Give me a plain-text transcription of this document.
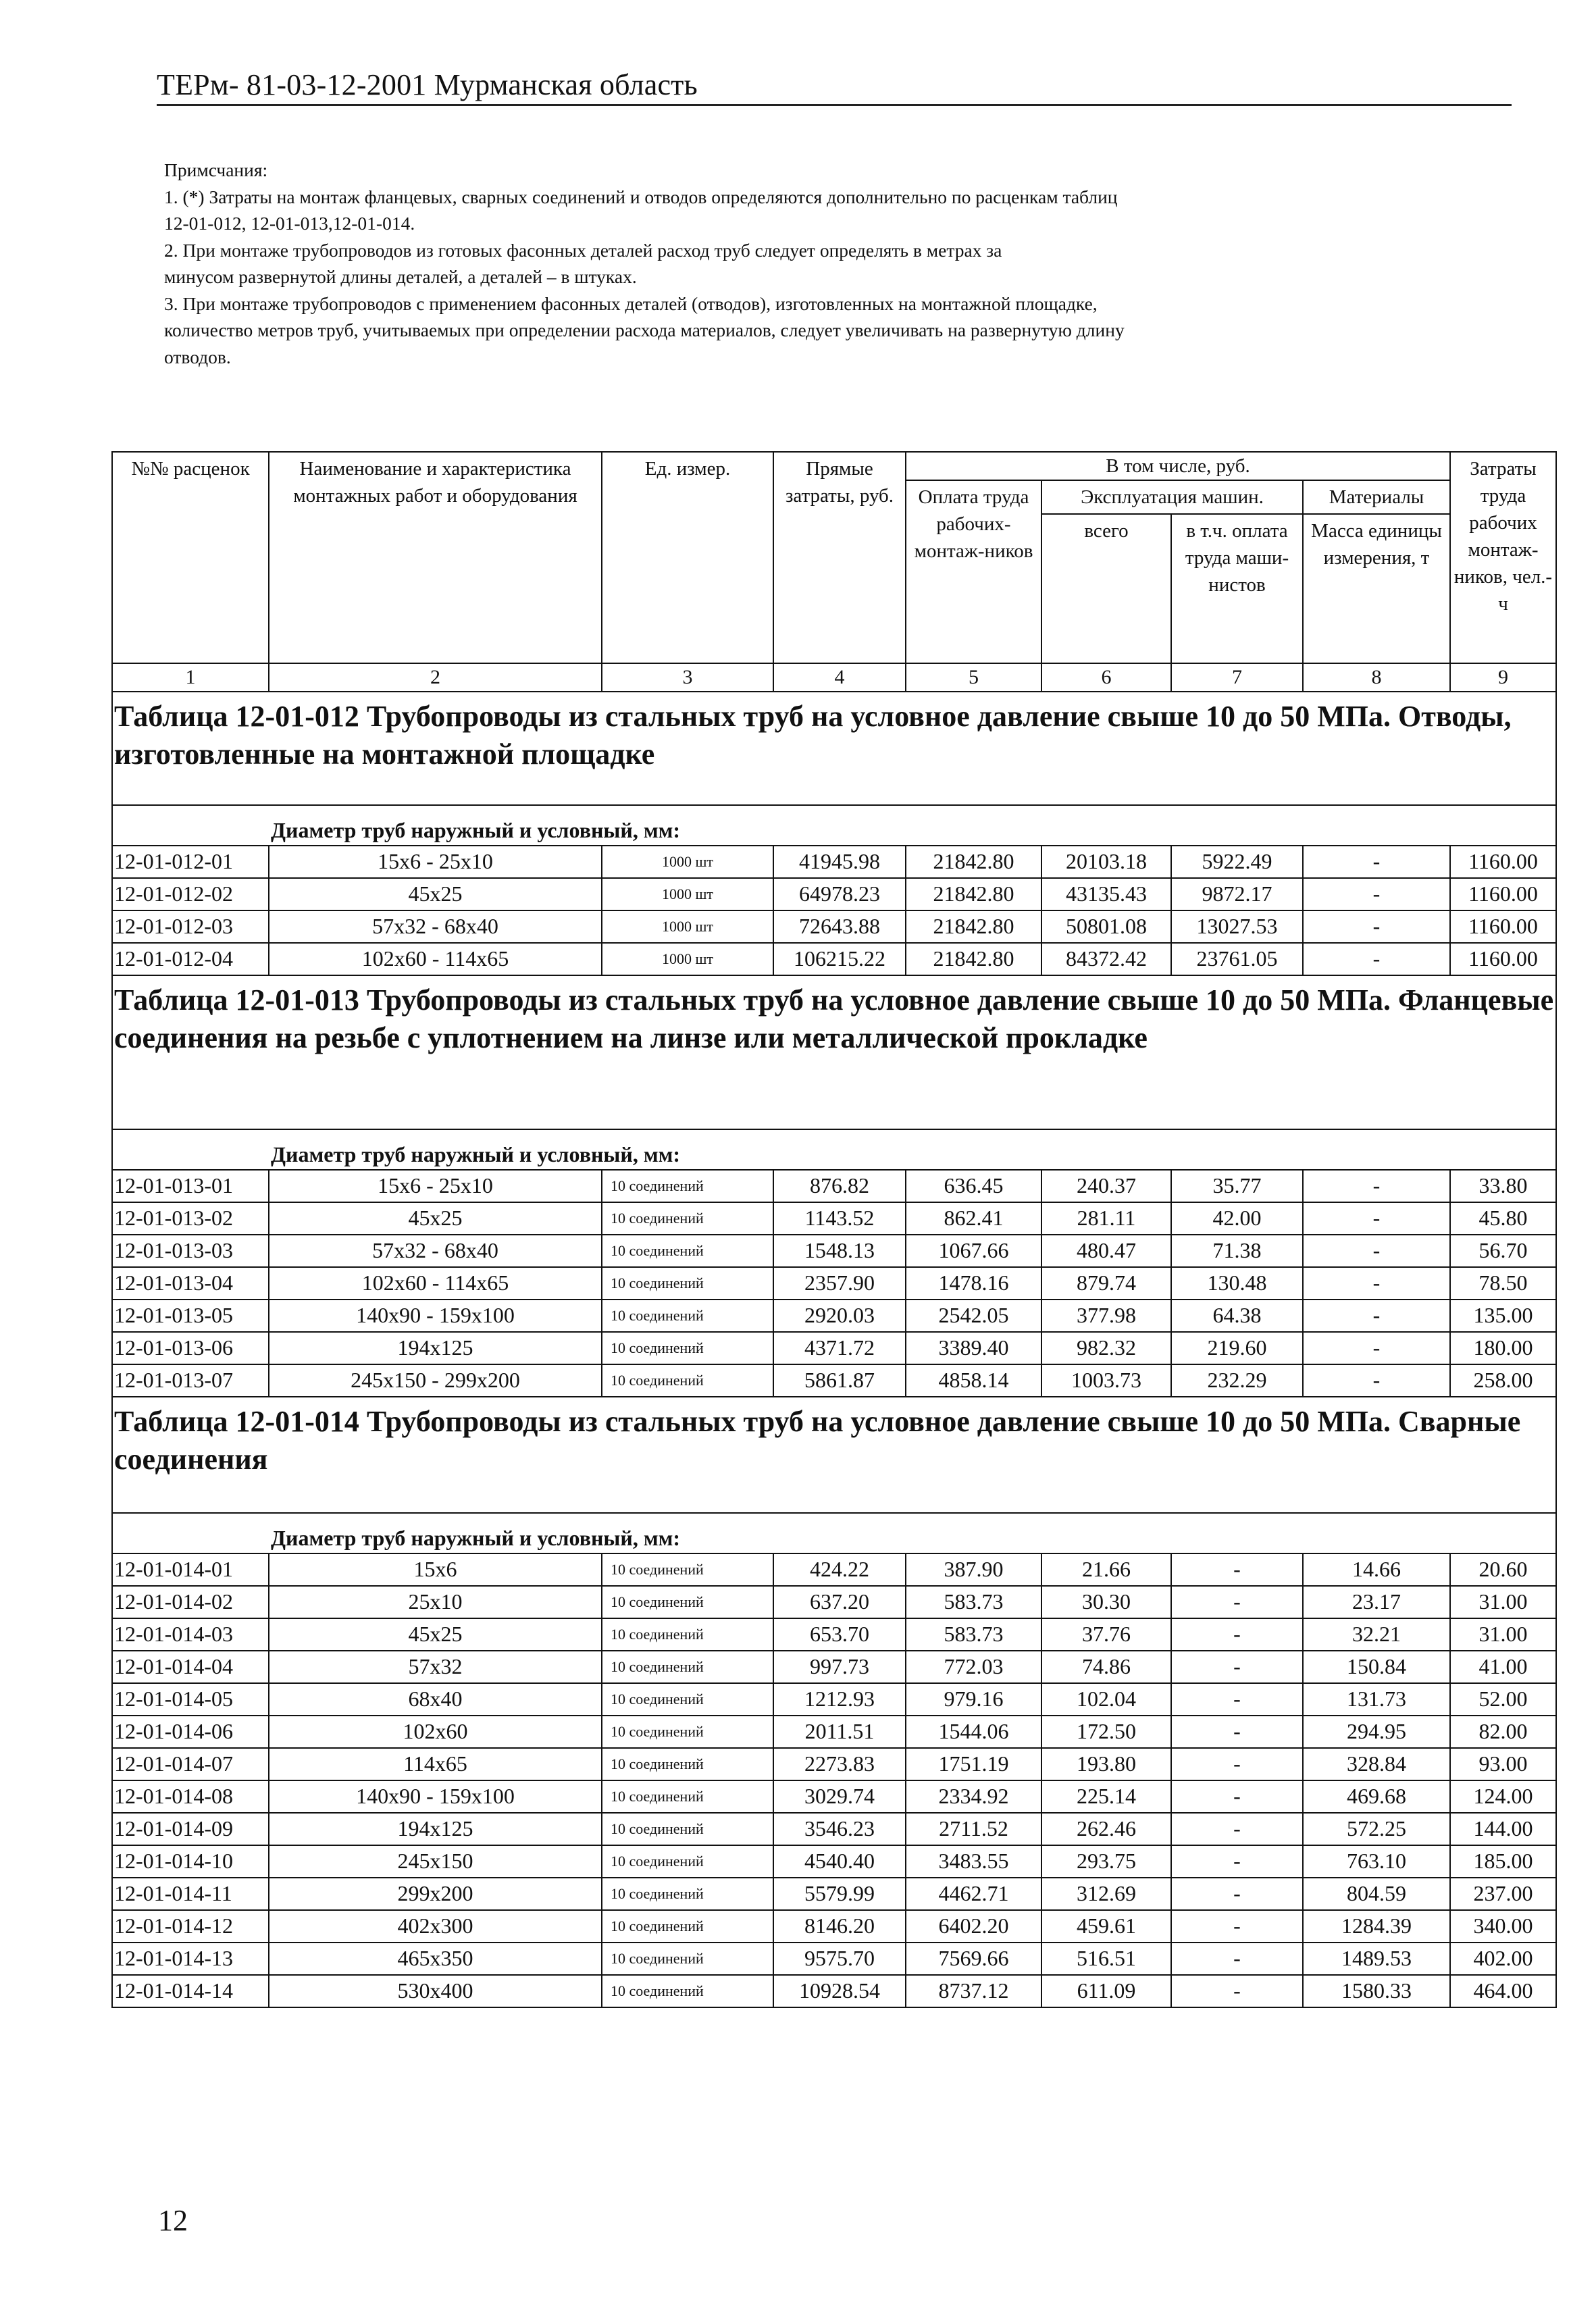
ТЕРм- 81-03-12-2001 Мурманская область
Примсчания:
1. (*) Затраты на монтаж фланцевых, сварных соединений и отводов определяются дополнительно по расценкам таблиц
12-01-012, 12-01-013,12-01-014.
2. При монтаже трубопроводов из готовых фасонных деталей расход труб следует определять в метрах за
минусом развернутой длины деталей, а деталей – в штуках.
3. При монтаже трубопроводов с применением фасонных деталей (отводов), изготовленных на монтажной площадке,
количество метров труб, учитываемых при определении расхода материалов, следует увеличивать на развернутую длину
отводов.
№№ расценок	Наименование и характеристика монтажных работ и оборудования	Ед. измер.	Прямые затраты, руб.	В том числе, руб.				Затраты труда рабочих монтаж-ников, чел.-ч
				Оплата труда рабочих-монтаж-ников	Эксплуатация машин.		Материалы	
					всего	в т.ч. оплата труда маши-нистов	Масса единицы измерения, т	
1	2	3	4	5	6	7	8	9
Таблица 12-01-012 Трубопроводы из стальных труб на условное давление свыше 10 до 50 МПа. Отводы, изготовленные на монтажной площадке								
Диаметр труб наружный и условный, мм:								
12-01-012-01	15x6 - 25x10	1000 шт	41945.98	21842.80	20103.18	5922.49	-	1160.00
12-01-012-02	45x25	1000 шт	64978.23	21842.80	43135.43	9872.17	-	1160.00
12-01-012-03	57x32 - 68x40	1000 шт	72643.88	21842.80	50801.08	13027.53	-	1160.00
12-01-012-04	102x60 - 114x65	1000 шт	106215.22	21842.80	84372.42	23761.05	-	1160.00
Таблица 12-01-013 Трубопроводы из стальных труб на условное давление свыше 10 до 50 МПа. Фланцевые соединения на резьбе с уплотнением на линзе или металлической прокладке								
Диаметр труб наружный и условный, мм:								
12-01-013-01	15x6 - 25x10	10 соединений	876.82	636.45	240.37	35.77	-	33.80
12-01-013-02	45x25	10 соединений	1143.52	862.41	281.11	42.00	-	45.80
12-01-013-03	57x32 - 68x40	10 соединений	1548.13	1067.66	480.47	71.38	-	56.70
12-01-013-04	102x60 - 114x65	10 соединений	2357.90	1478.16	879.74	130.48	-	78.50
12-01-013-05	140x90 - 159x100	10 соединений	2920.03	2542.05	377.98	64.38	-	135.00
12-01-013-06	194x125	10 соединений	4371.72	3389.40	982.32	219.60	-	180.00
12-01-013-07	245x150 - 299x200	10 соединений	5861.87	4858.14	1003.73	232.29	-	258.00
Таблица 12-01-014 Трубопроводы из стальных труб на условное давление свыше 10 до 50 МПа. Сварные соединения								
Диаметр труб наружный и условный, мм:								
12-01-014-01	15x6	10 соединений	424.22	387.90	21.66	-	14.66	20.60
12-01-014-02	25x10	10 соединений	637.20	583.73	30.30	-	23.17	31.00
12-01-014-03	45x25	10 соединений	653.70	583.73	37.76	-	32.21	31.00
12-01-014-04	57x32	10 соединений	997.73	772.03	74.86	-	150.84	41.00
12-01-014-05	68x40	10 соединений	1212.93	979.16	102.04	-	131.73	52.00
12-01-014-06	102x60	10 соединений	2011.51	1544.06	172.50	-	294.95	82.00
12-01-014-07	114x65	10 соединений	2273.83	1751.19	193.80	-	328.84	93.00
12-01-014-08	140x90 - 159x100	10 соединений	3029.74	2334.92	225.14	-	469.68	124.00
12-01-014-09	194x125	10 соединений	3546.23	2711.52	262.46	-	572.25	144.00
12-01-014-10	245x150	10 соединений	4540.40	3483.55	293.75	-	763.10	185.00
12-01-014-11	299x200	10 соединений	5579.99	4462.71	312.69	-	804.59	237.00
12-01-014-12	402x300	10 соединений	8146.20	6402.20	459.61	-	1284.39	340.00
12-01-014-13	465x350	10 соединений	9575.70	7569.66	516.51	-	1489.53	402.00
12-01-014-14	530x400	10 соединений	10928.54	8737.12	611.09	-	1580.33	464.00
12
